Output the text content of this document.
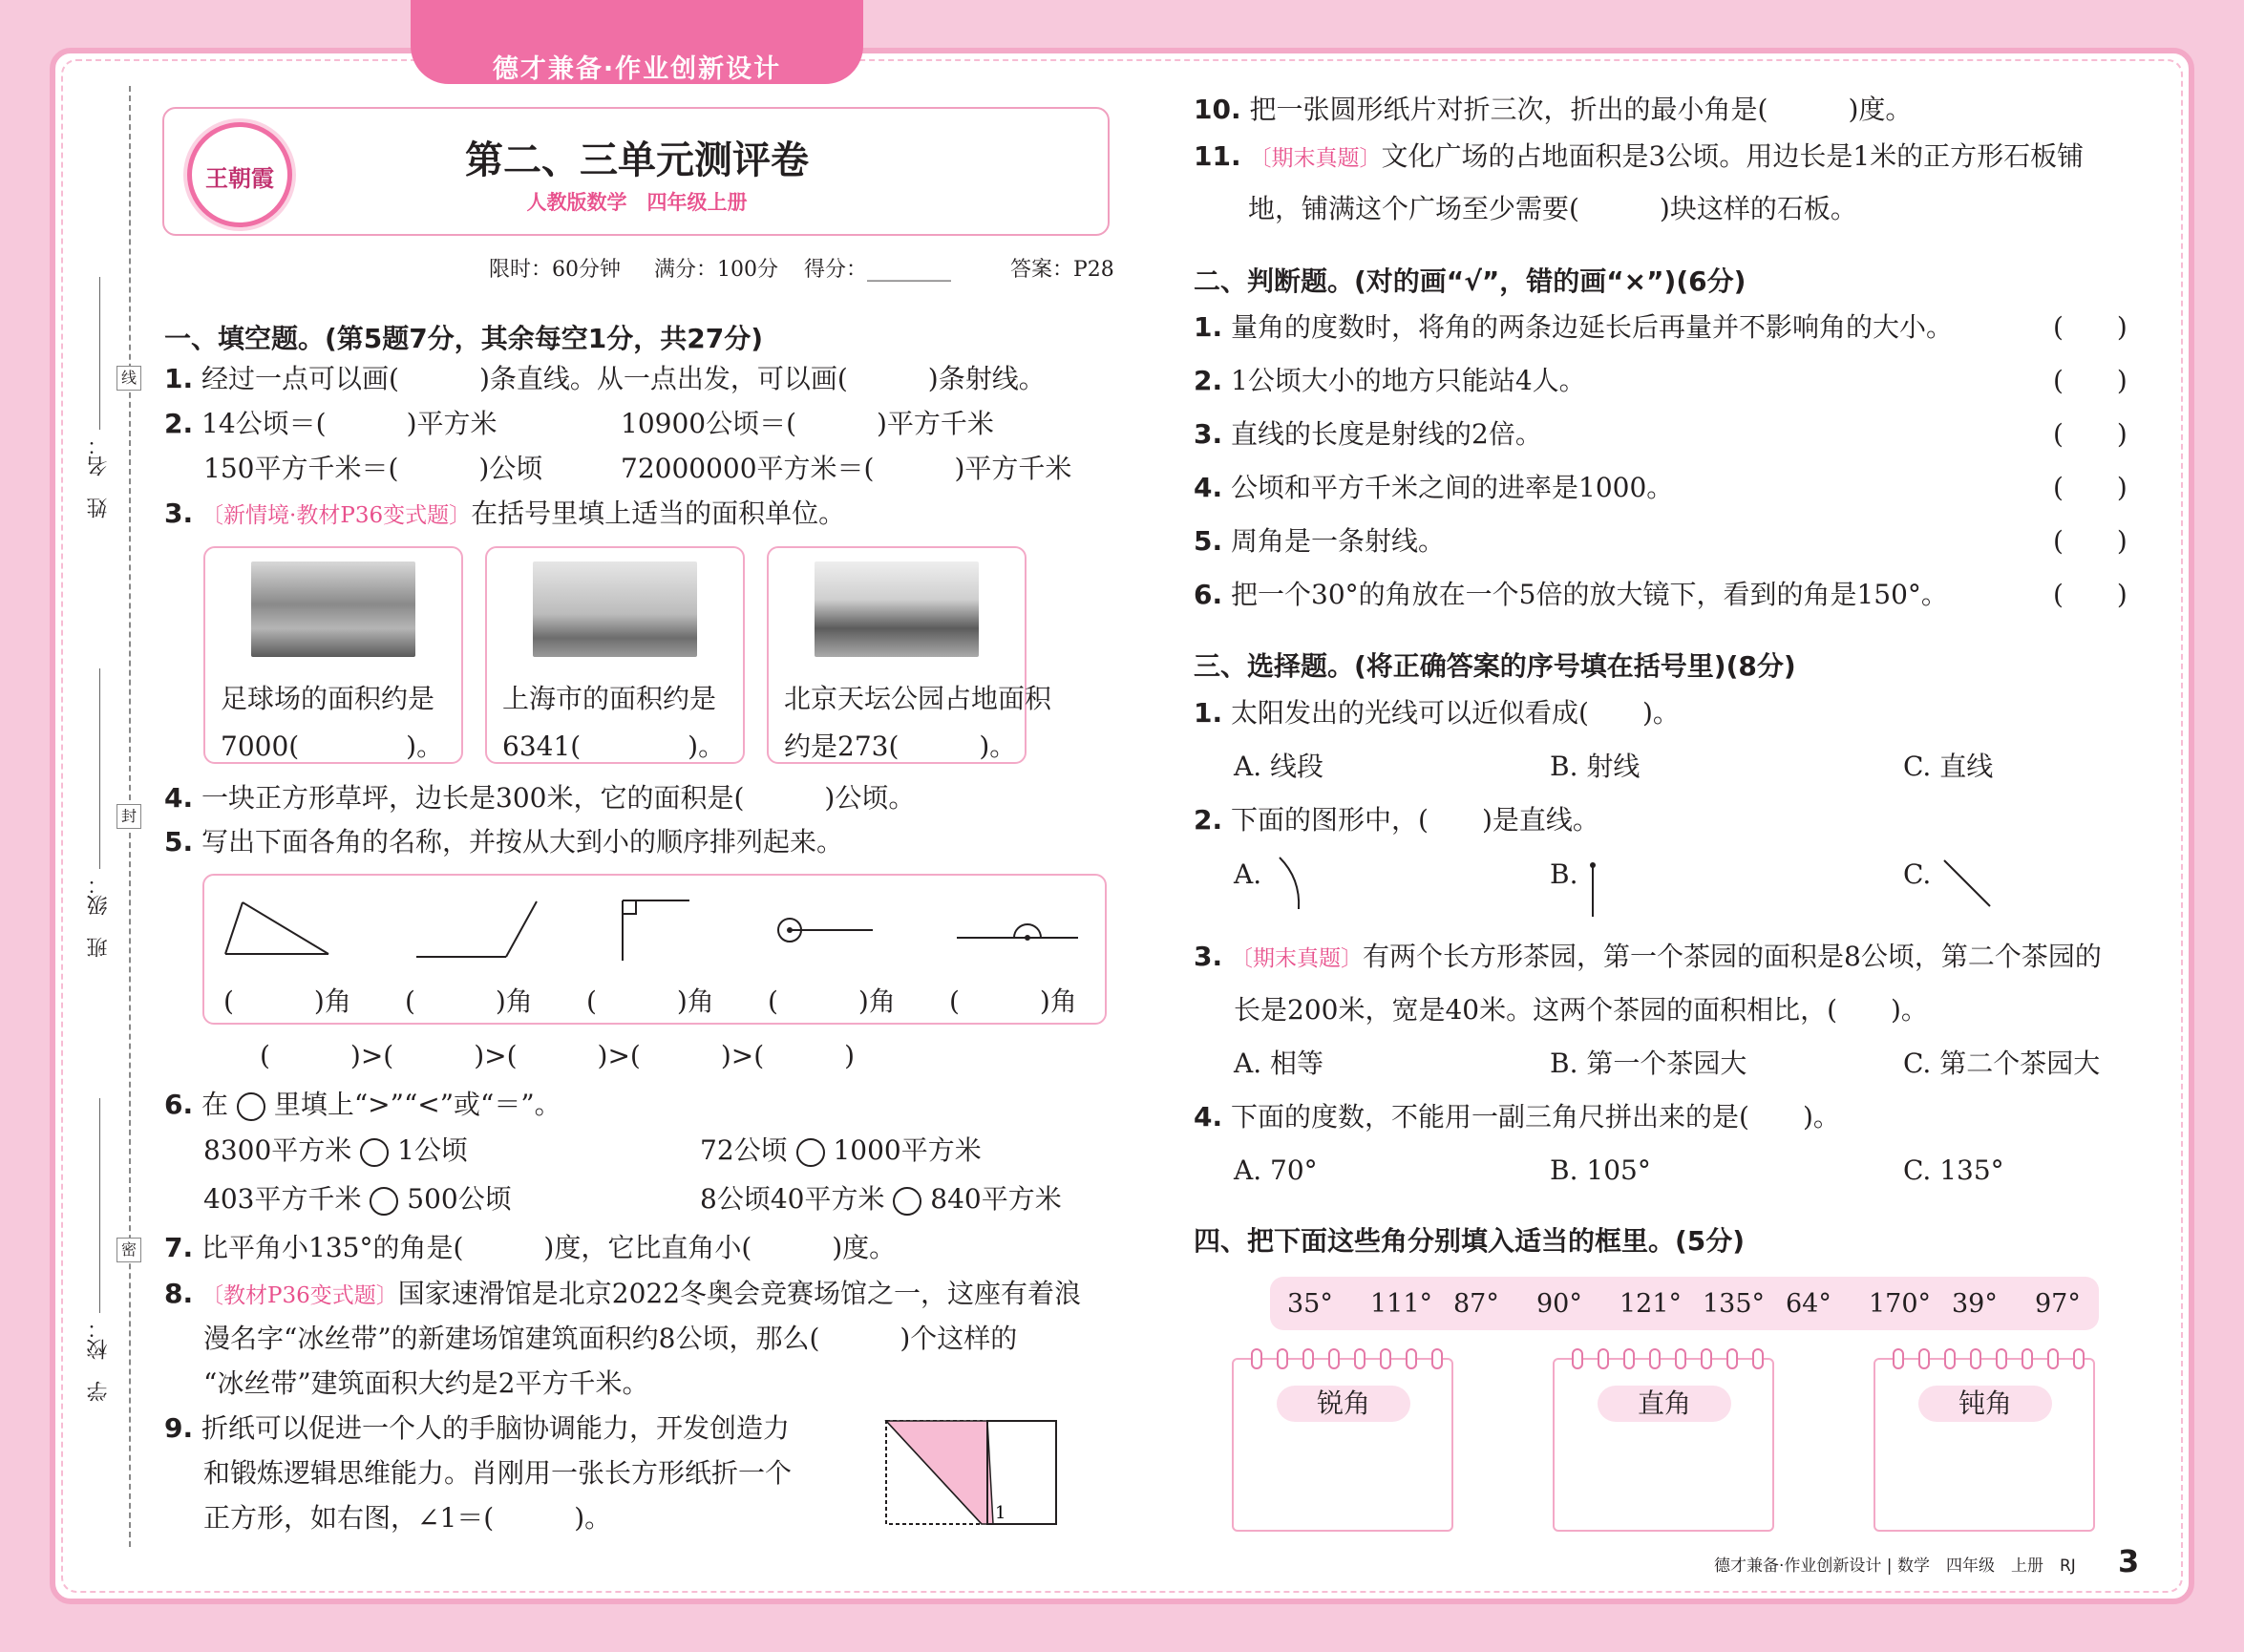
德才兼备·作业创新设计
姓　名：
班　级：
学　校：
线
封
密
王朝霞	第二、三单元测评卷
人教版数学　四年级上册
限时：60分钟 满分：100分 得分：________	答案：P28
一、填空题。(第5题7分，其余每空1分，共27分)
1. 经过一点可以画(　　　)条直线。从一点出发，可以画(　　　)条射线。
2. 14公顷＝(　　　)平方米	10900公顷＝(　　　)平方千米
150平方千米＝(　　　)公顷	72000000平方米＝(　　　)平方千米
3. 〔新情境·教材P36变式题〕在括号里填上适当的面积单位。
足球场的面积约是
7000(　　　　)。
上海市的面积约是
6341(　　　　)。
北京天坛公园占地面积
约是273(　　　)。
4. 一块正方形草坪，边长是300米，它的面积是(　　　)公顷。
5. 写出下面各角的名称，并按从大到小的顺序排列起来。
(　　　)角 (　　　)角 (　　　)角 (　　　)角 (　　　)角
(　　　)>(　　　)>(　　　)>(　　　)>(　　　)
6. 在 里填上“>”“<”或“＝”。
8300平方米 1公顷	72公顷 1000平方米
403平方千米 500公顷	8公顷40平方米 840平方米
7. 比平角小135°的角是(　　　)度，它比直角小(　　　)度。
8. 〔教材P36变式题〕国家速滑馆是北京2022冬奥会竞赛场馆之一，这座有着浪
漫名字“冰丝带”的新建场馆建筑面积约8公顷，那么(　　　)个这样的
“冰丝带”建筑面积大约是2平方千米。
9. 折纸可以促进一个人的手脑协调能力，开发创造力
和锻炼逻辑思维能力。肖刚用一张长方形纸折一个
正方形，如右图，∠1＝(　　　)。	1
10. 把一张圆形纸片对折三次，折出的最小角是(　　　)度。
11. 〔期末真题〕文化广场的占地面积是3公顷。用边长是1米的正方形石板铺
地，铺满这个广场至少需要(　　　)块这样的石板。
二、判断题。(对的画“√”，错的画“×”)(6分)
1. 量角的度数时，将角的两条边延长后再量并不影响角的大小。	(　　)
2. 1公顷大小的地方只能站4人。	(　　)
3. 直线的长度是射线的2倍。	(　　)
4. 公顷和平方千米之间的进率是1000。	(　　)
5. 周角是一条射线。	(　　)
6. 把一个30°的角放在一个5倍的放大镜下，看到的角是150°。	(　　)
三、选择题。(将正确答案的序号填在括号里)(8分)
1. 太阳发出的光线可以近似看成(　　)。
A. 线段	B. 射线	C. 直线
2. 下面的图形中，(　　)是直线。
A.	B.	C.
3. 〔期末真题〕有两个长方形茶园，第一个茶园的面积是8公顷，第二个茶园的
长是200米，宽是40米。这两个茶园的面积相比，(　　)。
A. 相等	B. 第一个茶园大	C. 第二个茶园大
4. 下面的度数，不能用一副三角尺拼出来的是(　　)。
A. 70°	B. 105°	C. 135°
四、把下面这些角分别填入适当的框里。(5分)
35° 111° 87° 90° 121° 135° 64° 170° 39° 97°
锐角	直角	钝角
德才兼备·作业创新设计 | 数学　四年级　上册　RJ 3
